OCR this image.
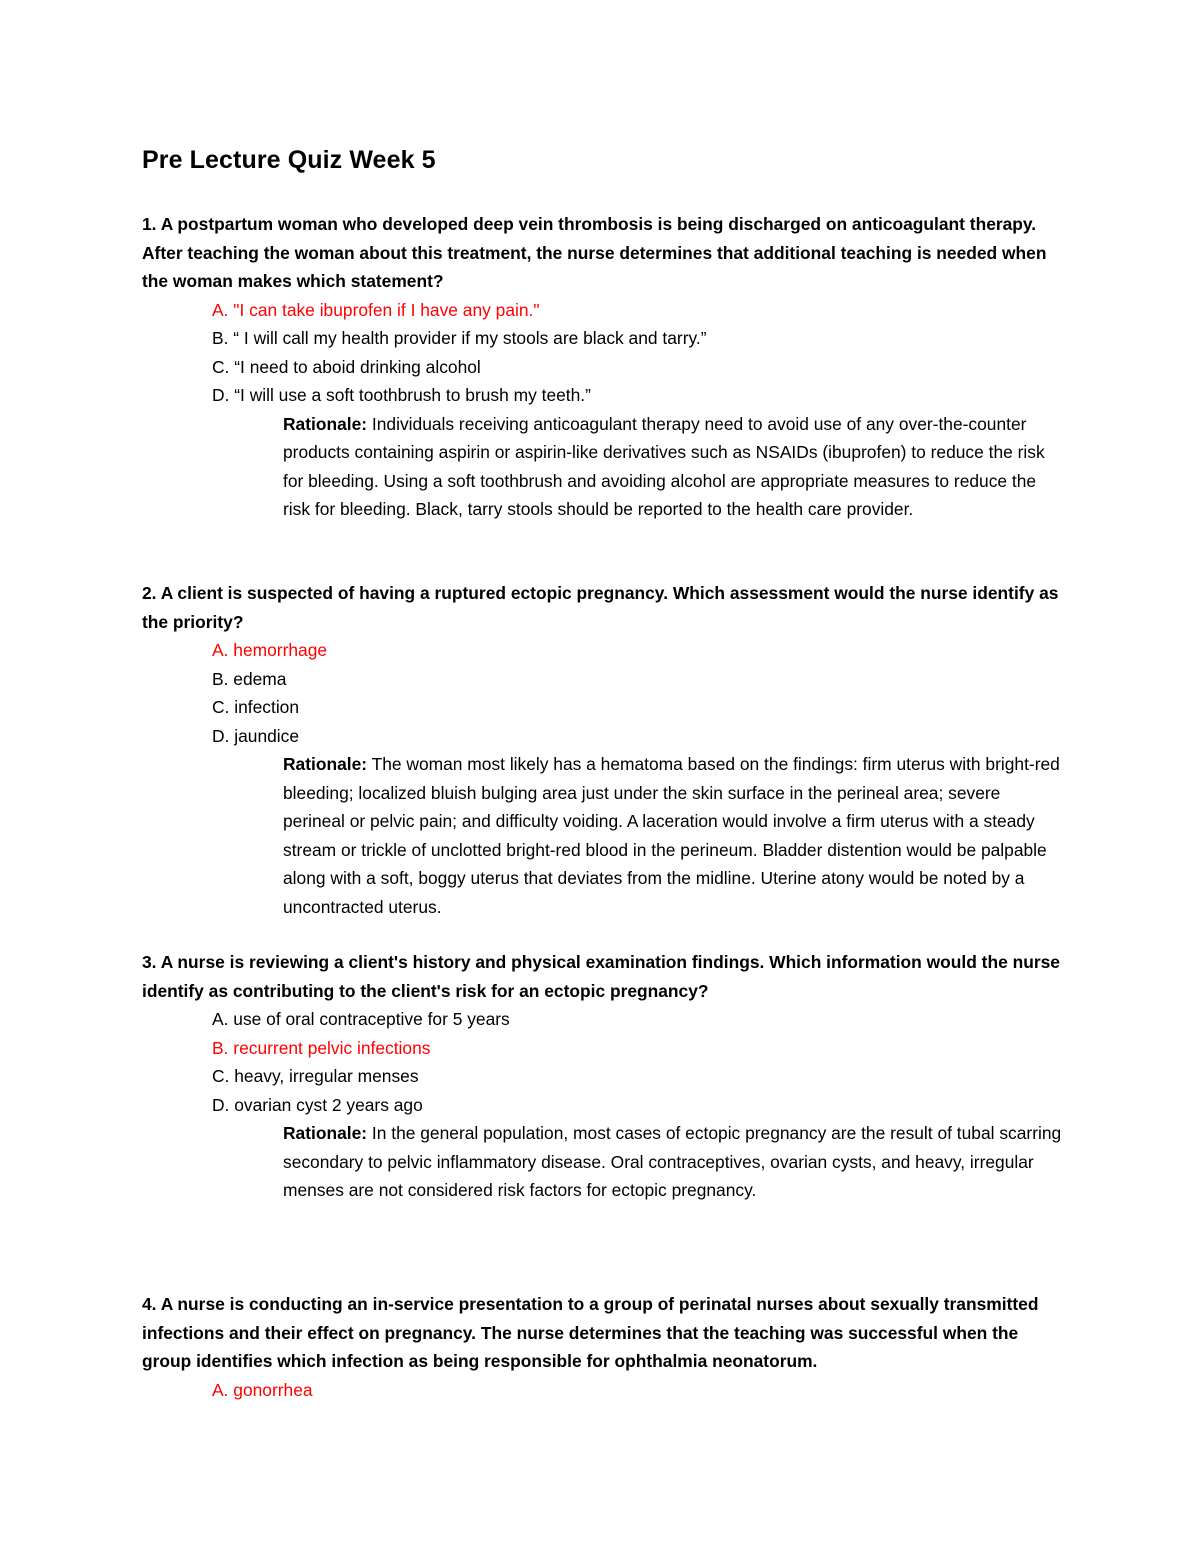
Pre Lecture Quiz Week 5

1. A postpartum woman who developed deep vein thrombosis is being discharged on anticoagulant therapy. After teaching the woman about this treatment, the nurse determines that additional teaching is needed when the woman makes which statement?

A. "I can take ibuprofen if I have any pain."

B. “ I will call my health provider if my stools are black and tarry.”

C. “I need to aboid drinking alcohol

D. “I will use a soft toothbrush to brush my teeth.”

Rationale: Individuals receiving anticoagulant therapy need to avoid use of any over-the-counter products containing aspirin or aspirin-like derivatives such as NSAIDs (ibuprofen) to reduce the risk for bleeding. Using a soft toothbrush and avoiding alcohol are appropriate measures to reduce the risk for bleeding. Black, tarry stools should be reported to the health care provider.

2. A client is suspected of having a ruptured ectopic pregnancy. Which assessment would the nurse identify as the priority?

A. hemorrhage

B. edema

C. infection

D. jaundice

Rationale: The woman most likely has a hematoma based on the findings: firm uterus with bright-red bleeding; localized bluish bulging area just under the skin surface in the perineal area; severe perineal or pelvic pain; and difficulty voiding. A laceration would involve a firm uterus with a steady stream or trickle of unclotted bright-red blood in the perineum. Bladder distention would be palpable along with a soft, boggy uterus that deviates from the midline. Uterine atony would be noted by a uncontracted uterus.

3. A nurse is reviewing a client's history and physical examination findings. Which information would the nurse identify as contributing to the client's risk for an ectopic pregnancy?

A. use of oral contraceptive for 5 years

B. recurrent pelvic infections

C. heavy, irregular menses

D. ovarian cyst 2 years ago

Rationale: In the general population, most cases of ectopic pregnancy are the result of tubal scarring secondary to pelvic inflammatory disease. Oral contraceptives, ovarian cysts, and heavy, irregular menses are not considered risk factors for ectopic pregnancy.

4. A nurse is conducting an in-service presentation to a group of perinatal nurses about sexually transmitted infections and their effect on pregnancy. The nurse determines that the teaching was successful when the group identifies which infection as being responsible for ophthalmia neonatorum.

A. gonorrhea
